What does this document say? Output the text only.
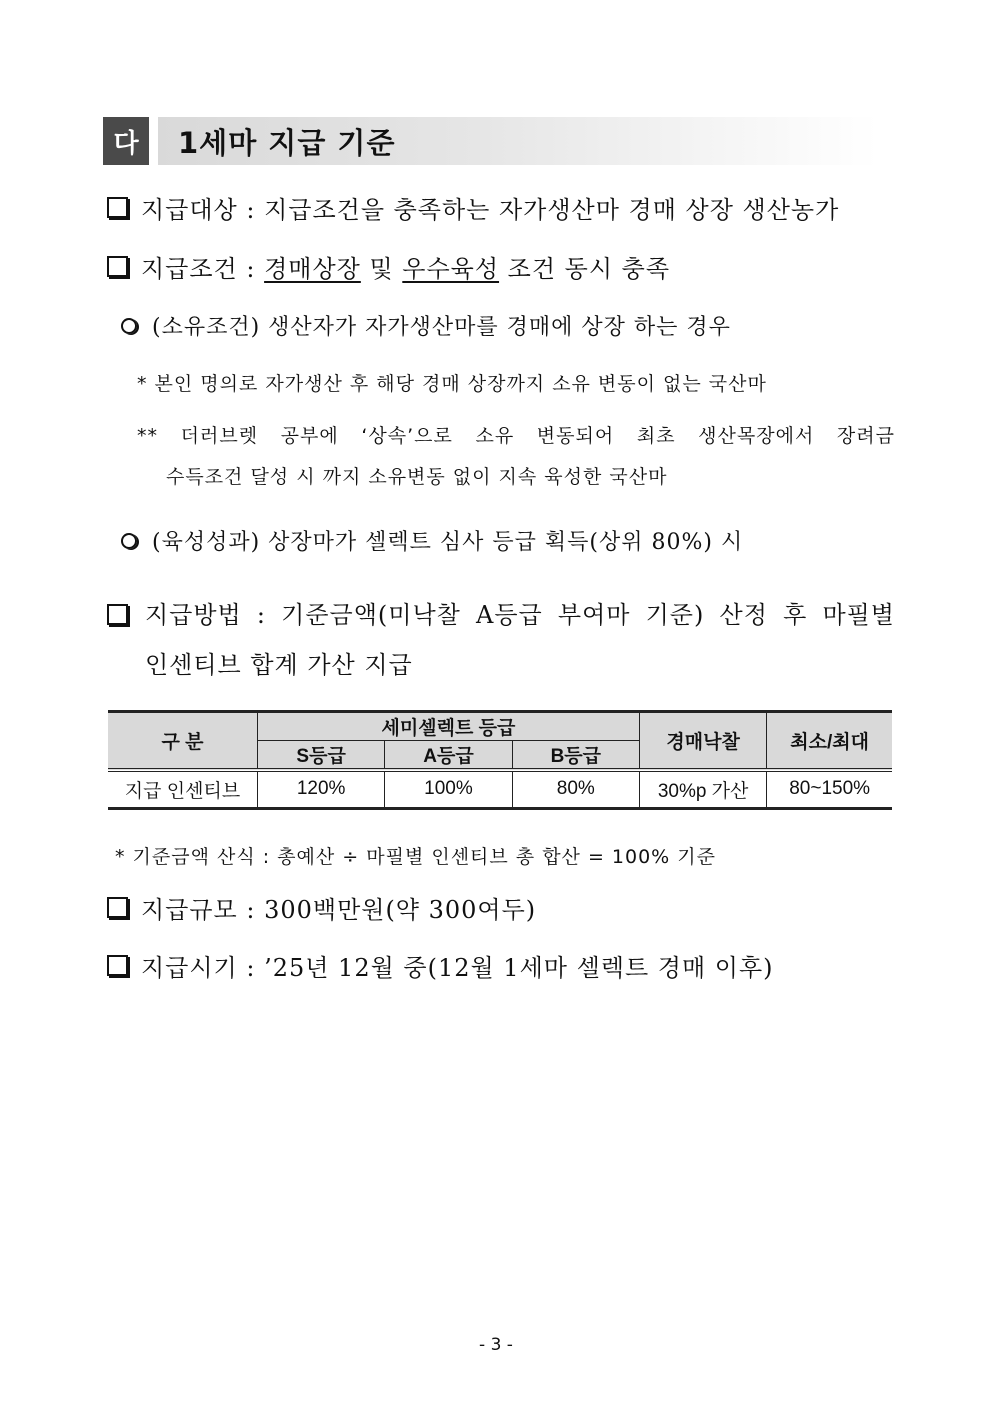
다 1세마 지급 기준
지급대상 : 지급조건을 충족하는 자가생산마 경매 상장 생산농가
지급조건 : 경매상장 및 우수육성 조건 동시 충족
(소유조건) 생산자가 자가생산마를 경매에 상장 하는 경우
* 본인 명의로 자가생산 후 해당 경매 상장까지 소유 변동이 없는 국산마
** 더러브렛 공부에 ‘상속’으로 소유 변동되어 최초 생산목장에서 장려금
수득조건 달성 시 까지 소유변동 없이 지속 육성한 국산마
(육성성과) 상장마가 셀렉트 심사 등급 획득(상위 80%) 시
지급방법 : 기준금액(미낙찰 A등급 부여마 기준) 산정 후 마필별
인센티브 합계 가산 지급
구 분	세미셀렉트 등급			경매낙찰	최소/최대
	S등급	A등급	B등급		
지급 인센티브	120%	100%	80%	30%p 가산	80~150%
* 기준금액 산식 : 총예산 ÷ 마필별 인센티브 총 합산 = 100% 기준
지급규모 : 300백만원(약 300여두)
지급시기 : ’25년 12월 중(12월 1세마 셀렉트 경매 이후)
- 3 -
